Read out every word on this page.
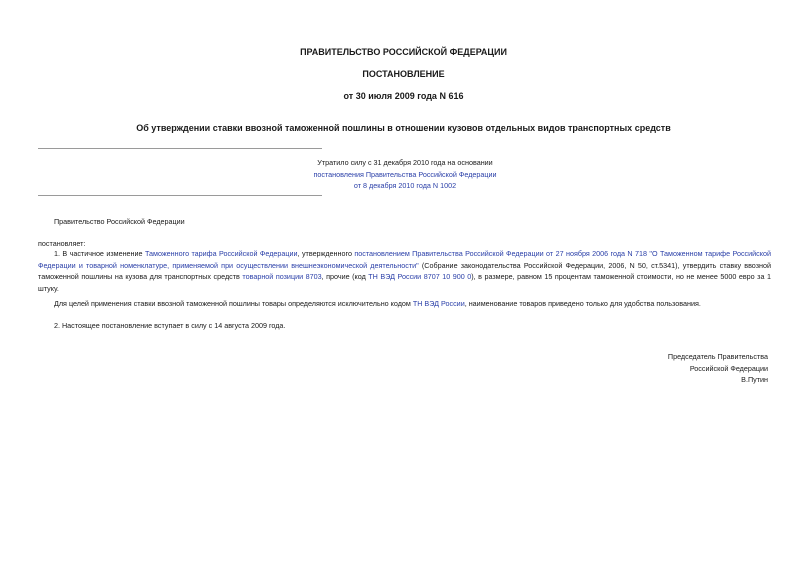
ПРАВИТЕЛЬСТВО РОССИЙСКОЙ ФЕДЕРАЦИИ
ПОСТАНОВЛЕНИЕ
от 30 июля 2009 года N 616
Об утверждении ставки ввозной таможенной пошлины в отношении кузовов отдельных видов транспортных средств
Утратило силу с 31 декабря 2010 года на основании
постановления Правительства Российской Федерации
от 8 декабря 2010 года N 1002
Правительство Российской Федерации
постановляет:
1. В частичное изменение Таможенного тарифа Российской Федерации, утвержденного постановлением Правительства Российской Федерации от 27 ноября 2006 года N 718 "О Таможенном тарифе Российской Федерации и товарной номенклатуре, применяемой при осуществлении внешнеэкономической деятельности" (Собрание законодательства Российской Федерации, 2006, N 50, ст.5341), утвердить ставку ввозной таможенной пошлины на кузова для транспортных средств товарной позиции 8703, прочие (код ТН ВЭД России 8707 10 900 0), в размере, равном 15 процентам таможенной стоимости, но не менее 5000 евро за 1 штуку.
Для целей применения ставки ввозной таможенной пошлины товары определяются исключительно кодом ТН ВЭД России, наименование товаров приведено только для удобства пользования.
2. Настоящее постановление вступает в силу с 14 августа 2009 года.
Председатель Правительства
Российской Федерации
В.Путин
